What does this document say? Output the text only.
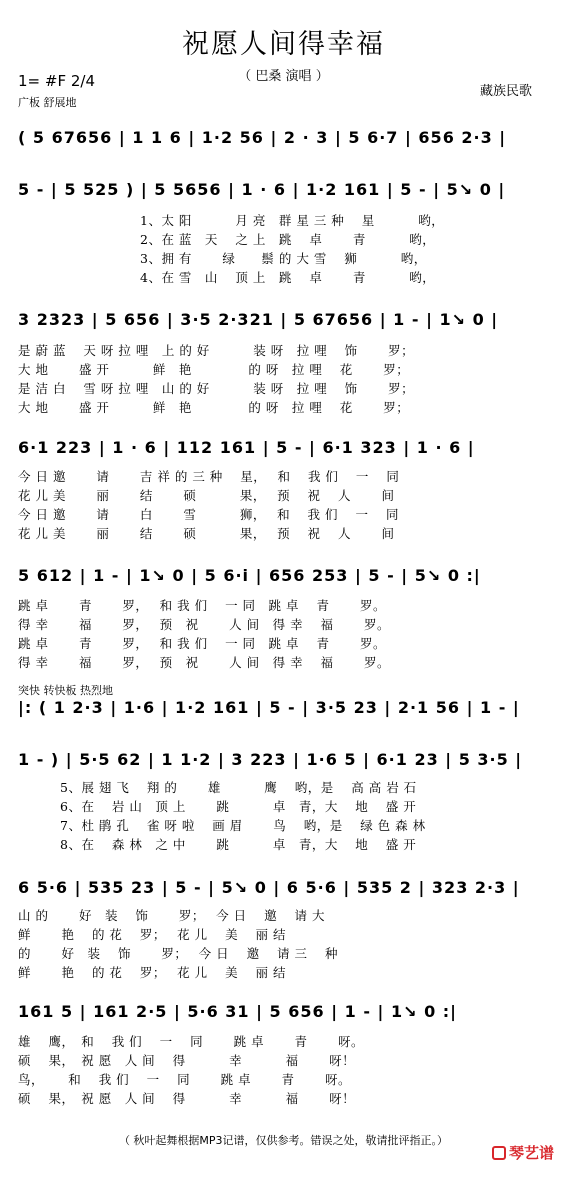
祝愿人间得幸福
（ 巴桑 演唱 ）
1= #F 2/4
广板 舒展地
藏族民歌
( 5 67656 | 1 1 6 | 1·2 56 | 2 · 3 | 5 6·7 | 656 2·3 |
5 - | 5 525 ) | 5 5656 | 1 · 6 | 1·2 161 | 5 - | 5↘ 0 |
1、太 阳　　　 月 亮　群 星 三 种　 星　　　 哟，
2、在 蓝　天　 之 上　跳　 卓　　 青　　　 哟，
3、拥 有　　 绿　　鬃 的 大 雪　 狮　　　 哟，
4、在 雪　山　 顶 上　跳　 卓　　 青　　　 哟，
3 2323 | 5 656 | 3·5 2·321 | 5 67656 | 1 - | 1↘ 0 |
是 蔚 蓝　 天 呀 拉 哩　上 的 好　　　 装 呀　拉 哩　 饰　　 罗；
大 地　　 盛 开　　　 鲜　艳　　　　 的 呀　拉 哩　 花　　 罗；
是 洁 白　 雪 呀 拉 哩　山 的 好　　　 装 呀　拉 哩　 饰　　 罗；
大 地　　 盛 开　　　 鲜　艳　　　　 的 呀　拉 哩　 花　　 罗；
6·1 223 | 1 · 6 | 112 161 | 5 - | 6·1 323 | 1 · 6 |
今 日 邀　　 请　　 吉 祥 的 三 种　 星，　 和　 我 们　 一　 同
花 儿 美　　 丽　　 结　　 硕　　　 果，　 预　 祝　 人　　 间
今 日 邀　　 请　　 白　　 雪　　　 狮，　 和　 我 们　 一　 同
花 儿 美　　 丽　　 结　　 硕　　　 果，　 预　 祝　 人　　 间
5 612 | 1 - | 1↘ 0 | 5 6·i | 656 253 | 5 - | 5↘ 0 :|
跳 卓　　 青　　 罗，　 和 我 们　 一 同　跳 卓　 青　　 罗。
得 幸　　 福　　 罗，　 预　祝　　 人 间　得 幸　 福　　 罗。
跳 卓　　 青　　 罗，　 和 我 们　 一 同　跳 卓　 青　　 罗。
得 幸　　 福　　 罗，　 预　祝　　 人 间　得 幸　 福　　 罗。
突快 转快板 热烈地
|: ( 1 2·3 | 1·6 | 1·2 161 | 5 - | 3·5 23 | 2·1 56 | 1 - |
1 - ) | 5·5 62 | 1 1·2 | 3 223 | 1·6 5 | 6·1 23 | 5 3·5 |
5、展 翅 飞　 翔 的　　 雄　　　 鹰　 哟，是　 高 高 岩 石
6、在　 岩 山　顶 上　　 跳　　　 卓　青，大　 地　 盛 开
7、杜 鹃 孔　 雀 呀 啦　 画 眉　　 鸟　 哟，是　 绿 色 森 林
8、在　 森 林　之 中　　 跳　　　 卓　青，大　 地　 盛 开
6 5·6 | 535 23 | 5 - | 5↘ 0 | 6 5·6 | 535 2 | 323 2·3 |
山 的　　 好　装　 饰　　 罗；　 今 日　 邀　 请 大
鲜　　 艳　 的 花　 罗；　 花 儿　 美　 丽 结
的　　 好　装　 饰　　 罗；　 今 日　 邀　 请 三　 种
鲜　　 艳　 的 花　 罗；　 花 儿　 美　 丽 结
161 5 | 161 2·5 | 5·6 31 | 5 656 | 1 - | 1↘ 0 :|
雄　 鹰，　和　 我 们　 一　 同　　 跳 卓　　 青　　 呀。
硕　 果，　祝 愿　人 间　 得　　　 幸　　　 福　　 呀！
鸟，　　 和　 我 们　 一　 同　　 跳 卓　　 青　　 呀。
硕　 果，　祝 愿　人 间　 得　　　 幸　　　 福　　 呀！
（ 秋叶起舞根据MP3记谱，仅供参考。错误之处，敬请批评指正。）
琴艺谱
